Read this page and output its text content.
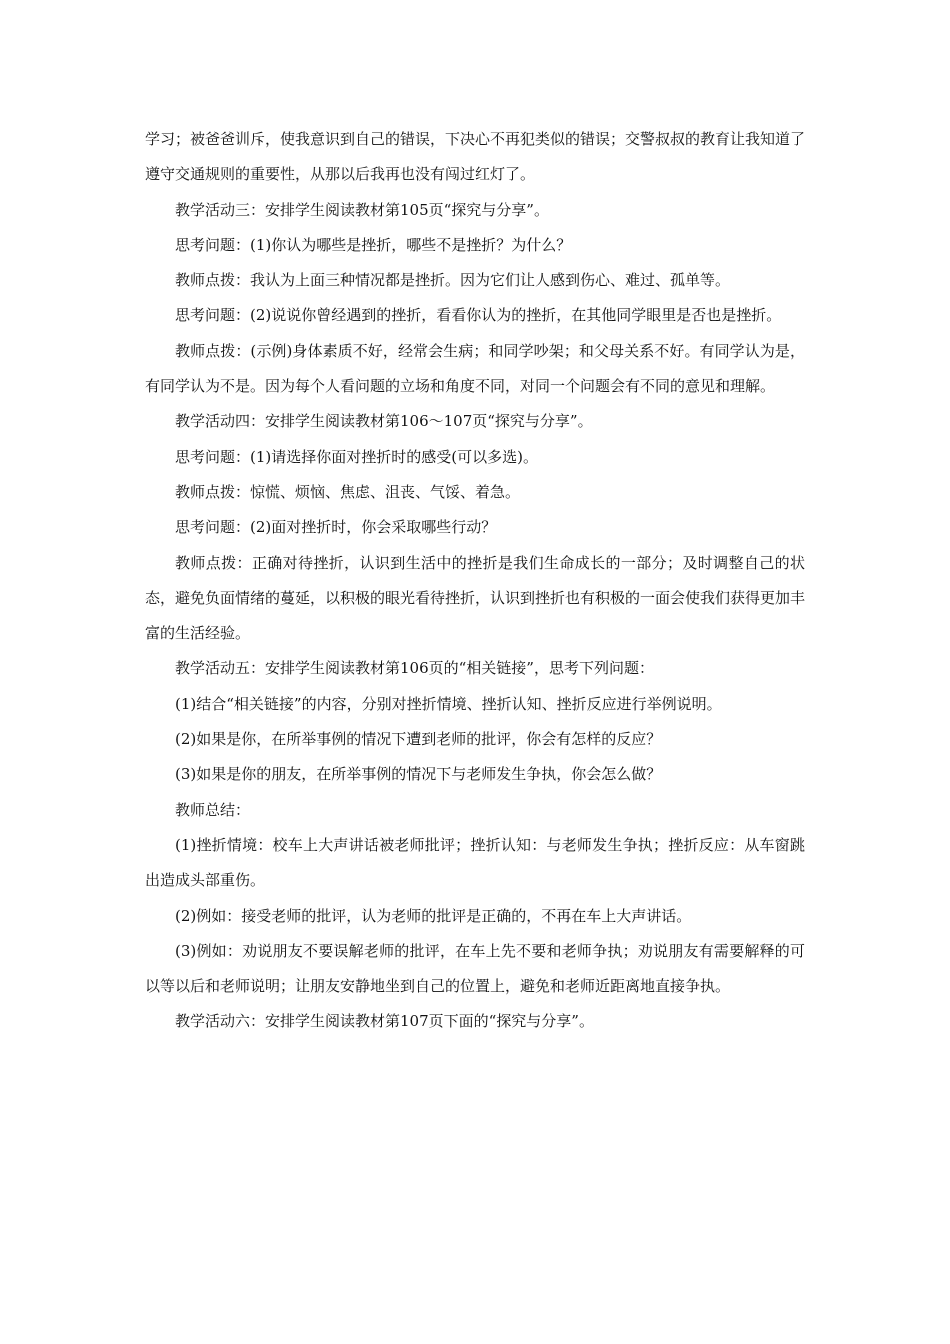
学习；被爸爸训斥，使我意识到自己的错误，下决心不再犯类似的错误；交警叔叔的教育让我知道了遵守交通规则的重要性，从那以后我再也没有闯过红灯了。

教学活动三：安排学生阅读教材第105页“探究与分享”。

思考问题：(1)你认为哪些是挫折，哪些不是挫折？为什么？

教师点拨：我认为上面三种情况都是挫折。因为它们让人感到伤心、难过、孤单等。

思考问题：(2)说说你曾经遇到的挫折，看看你认为的挫折，在其他同学眼里是否也是挫折。

教师点拨：(示例)身体素质不好，经常会生病；和同学吵架；和父母关系不好。有同学认为是，有同学认为不是。因为每个人看问题的立场和角度不同，对同一个问题会有不同的意见和理解。

教学活动四：安排学生阅读教材第106～107页“探究与分享”。

思考问题：(1)请选择你面对挫折时的感受(可以多选)。

教师点拨：惊慌、烦恼、焦虑、沮丧、气馁、着急。

思考问题：(2)面对挫折时，你会采取哪些行动？

教师点拨：正确对待挫折，认识到生活中的挫折是我们生命成长的一部分；及时调整自己的状态，避免负面情绪的蔓延，以积极的眼光看待挫折，认识到挫折也有积极的一面会使我们获得更加丰富的生活经验。

教学活动五：安排学生阅读教材第106页的“相关链接”，思考下列问题：

(1)结合“相关链接”的内容，分别对挫折情境、挫折认知、挫折反应进行举例说明。

(2)如果是你，在所举事例的情况下遭到老师的批评，你会有怎样的反应？

(3)如果是你的朋友，在所举事例的情况下与老师发生争执，你会怎么做？

教师总结：

(1)挫折情境：校车上大声讲话被老师批评；挫折认知：与老师发生争执；挫折反应：从车窗跳出造成头部重伤。

(2)例如：接受老师的批评，认为老师的批评是正确的，不再在车上大声讲话。

(3)例如：劝说朋友不要误解老师的批评，在车上先不要和老师争执；劝说朋友有需要解释的可以等以后和老师说明；让朋友安静地坐到自己的位置上，避免和老师近距离地直接争执。

教学活动六：安排学生阅读教材第107页下面的“探究与分享”。
